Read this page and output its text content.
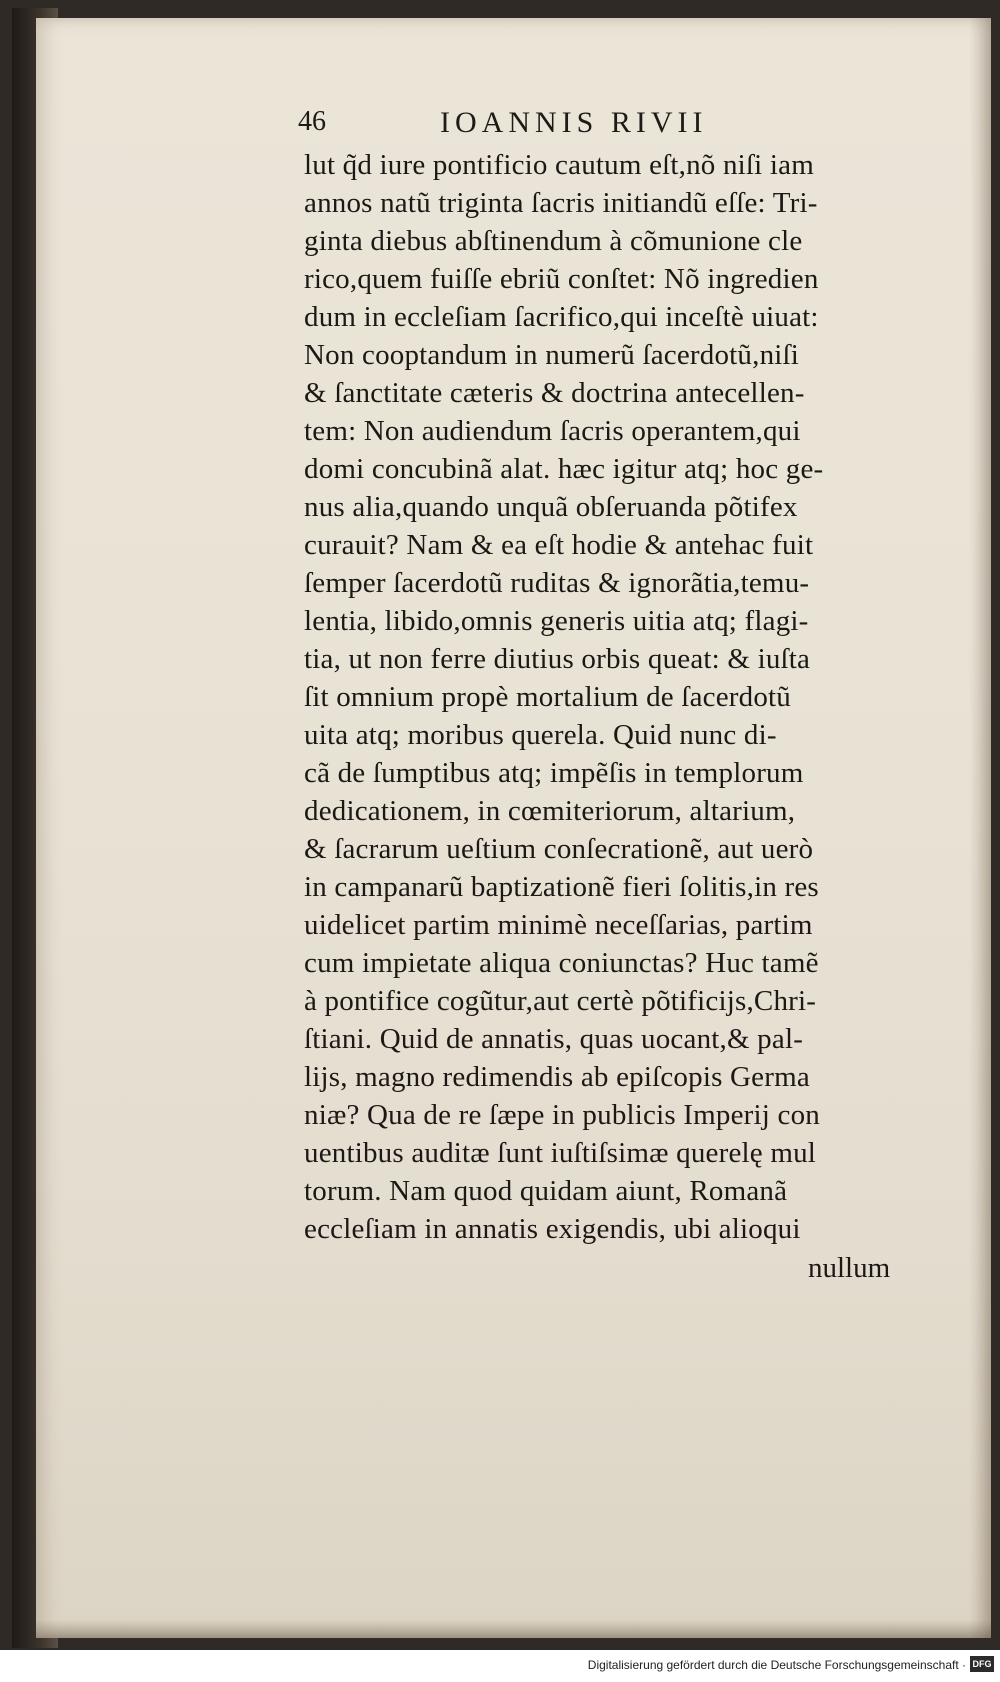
46	IOANNIS RIVII
lut q̃d iure pontificio cautum eſt,nõ niſi iam
annos natũ triginta ſacris initiandũ eſſe: Tri-
ginta diebus abſtinendum à cõmunione cle
rico,quem fuiſſe ebriũ conſtet: Nõ ingredien
dum in eccleſiam ſacrifico,qui inceſtè uiuat:
Non cooptandum in numerũ ſacerdotũ,niſi
& ſanctitate cæteris & doctrina antecellen-
tem: Non audiendum ſacris operantem,qui
domi concubinã alat. hæc igitur atq; hoc ge-
nus alia,quando unquã obſeruanda põtifex
curauit? Nam & ea eſt hodie & antehac fuit
ſemper ſacerdotũ ruditas & ignorãtia,temu-
lentia, libido,omnis generis uitia atq; flagi-
tia, ut non ferre diutius orbis queat: & iuſta
ſit omnium propè mortalium de ſacerdotũ
uita atq; moribus querela. Quid nunc di-
cã de ſumptibus atq; impẽſis in templorum
dedicationem, in cœmiteriorum, altarium,
& ſacrarum ueſtium conſecrationẽ, aut uerò
in campanarũ baptizationẽ fieri ſolitis,in res
uidelicet partim minimè neceſſarias, partim
cum impietate aliqua coniunctas? Huc tamẽ
à pontifice cogũtur,aut certè põtificijs,Chri-
ſtiani. Quid de annatis, quas uocant,& pal-
lijs, magno redimendis ab epiſcopis Germa
niæ? Qua de re ſæpe in publicis Imperij con
uentibus auditæ ſunt iuſtiſsimæ querelę mul
torum. Nam quod quidam aiunt, Romanã
eccleſiam in annatis exigendis, ubi alioqui
nullum
Digitalisierung gefördert durch die Deutsche Forschungsgemeinschaft · DFG
